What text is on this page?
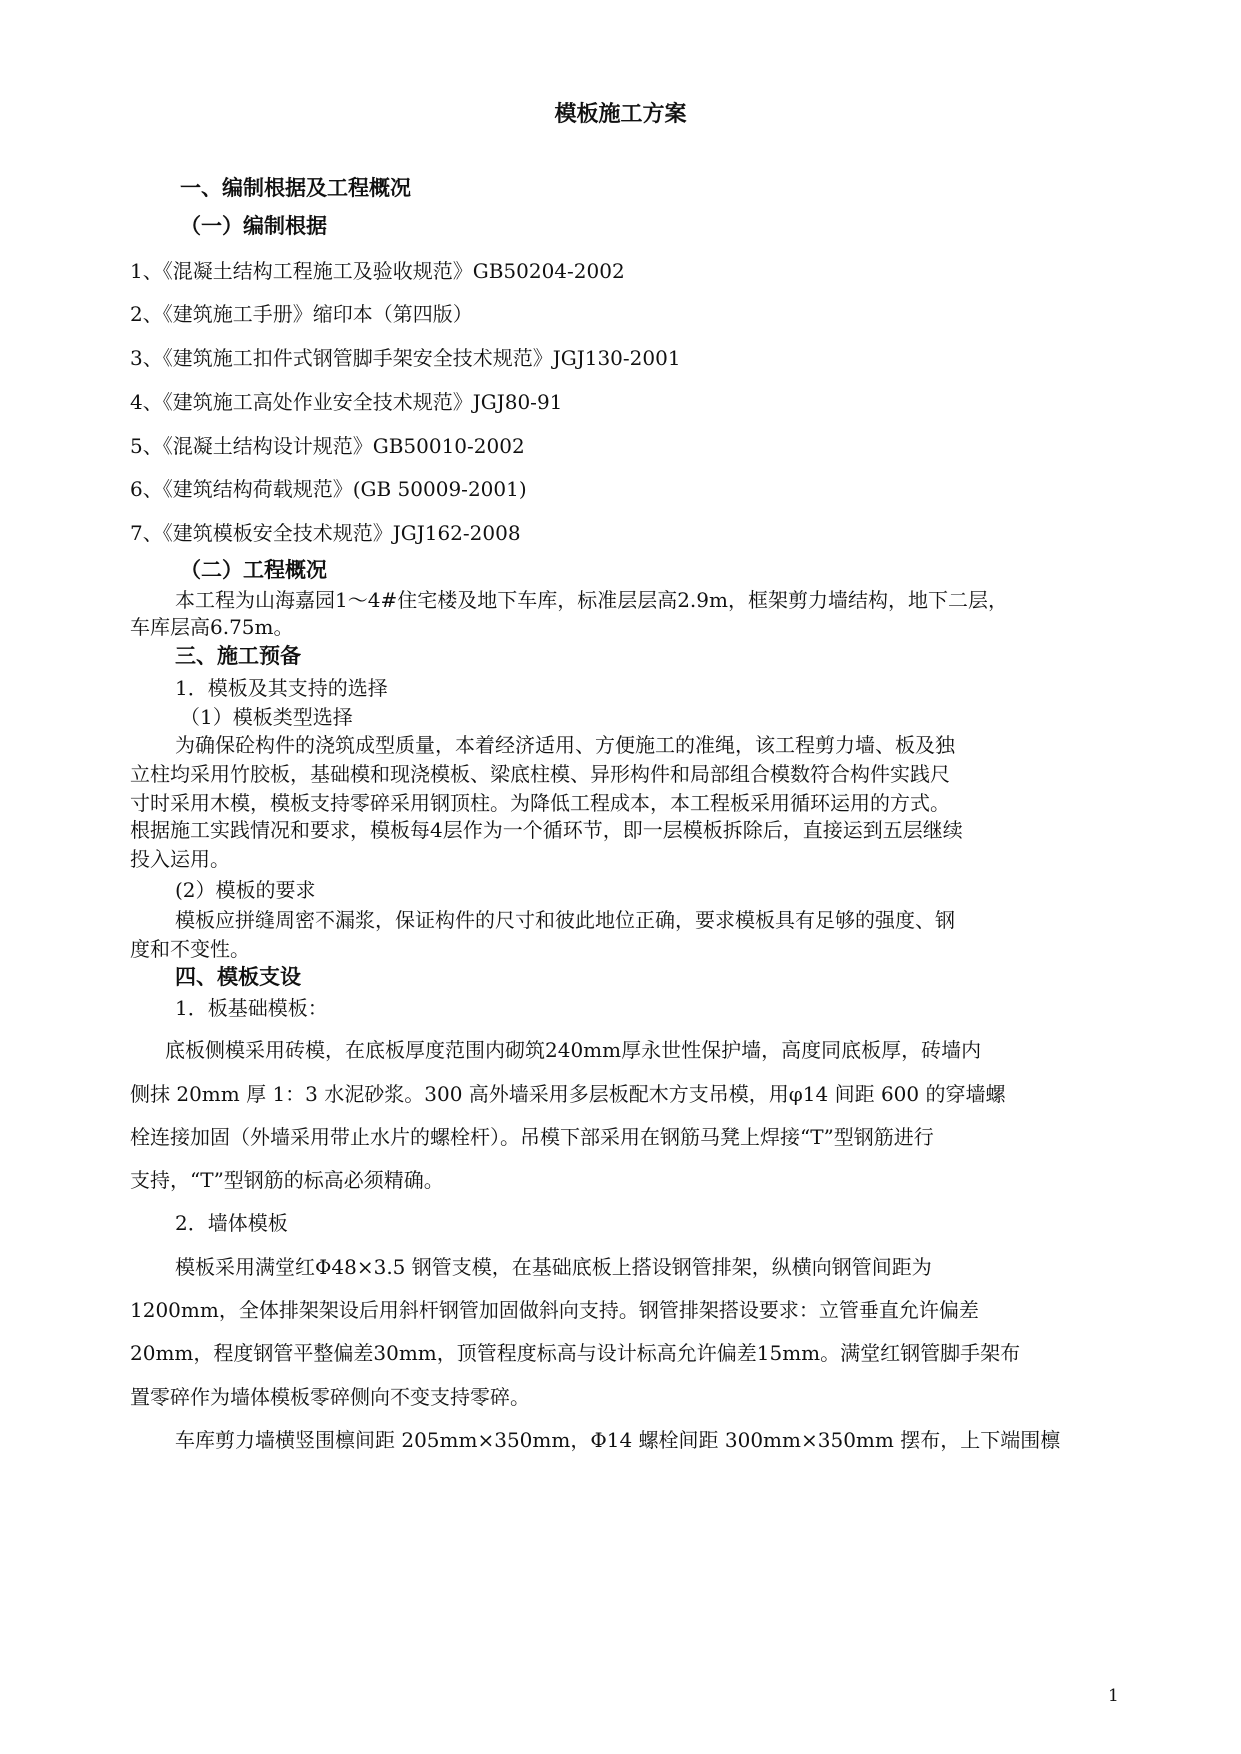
模板施工方案
一、编制根据及工程概况
（一）编制根据
1、《混凝土结构工程施工及验收规范》GB50204-2002
2、《建筑施工手册》缩印本（第四版）
3、《建筑施工扣件式钢管脚手架安全技术规范》JGJ130-2001
4、《建筑施工高处作业安全技术规范》JGJ80-91
5、《混凝土结构设计规范》GB50010-2002
6、《建筑结构荷载规范》(GB 50009-2001)
7、《建筑模板安全技术规范》JGJ162-2008
（二）工程概况
本工程为山海嘉园1～4#住宅楼及地下车库，标准层层高2.9m，框架剪力墙结构，地下二层，
车库层高6.75m。
三、施工预备
1．模板及其支持的选择
（1）模板类型选择
为确保砼构件的浇筑成型质量，本着经济适用、方便施工的准绳，该工程剪力墙、板及独
立柱均采用竹胶板，基础模和现浇模板、梁底柱模、异形构件和局部组合模数符合构件实践尺
寸时采用木模，模板支持零碎采用钢顶柱。为降低工程成本，本工程板采用循环运用的方式。
根据施工实践情况和要求，模板每4层作为一个循环节，即一层模板拆除后，直接运到五层继续
投入运用。
(2）模板的要求
模板应拼缝周密不漏浆，保证构件的尺寸和彼此地位正确，要求模板具有足够的强度、钢
度和不变性。
四、模板支设
1．板基础模板：
底板侧模采用砖模，在底板厚度范围内砌筑240mm厚永世性保护墙，高度同底板厚，砖墙内
侧抹 20mm 厚 1：3 水泥砂浆。300 高外墙采用多层板配木方支吊模，用φ14 间距 600 的穿墙螺
栓连接加固（外墙采用带止水片的螺栓杆）。吊模下部采用在钢筋马凳上焊接“T”型钢筋进行
支持，“T”型钢筋的标高必须精确。
2．墙体模板
模板采用满堂红Φ48×3.5 钢管支模，在基础底板上搭设钢管排架，纵横向钢管间距为
1200mm，全体排架架设后用斜杆钢管加固做斜向支持。钢管排架搭设要求：立管垂直允许偏差
20mm，程度钢管平整偏差30mm，顶管程度标高与设计标高允许偏差15mm。满堂红钢管脚手架布
置零碎作为墙体模板零碎侧向不变支持零碎。
车库剪力墙横竖围檩间距 205mm×350mm，Φ14 螺栓间距 300mm×350mm 摆布，上下端围檩
1
